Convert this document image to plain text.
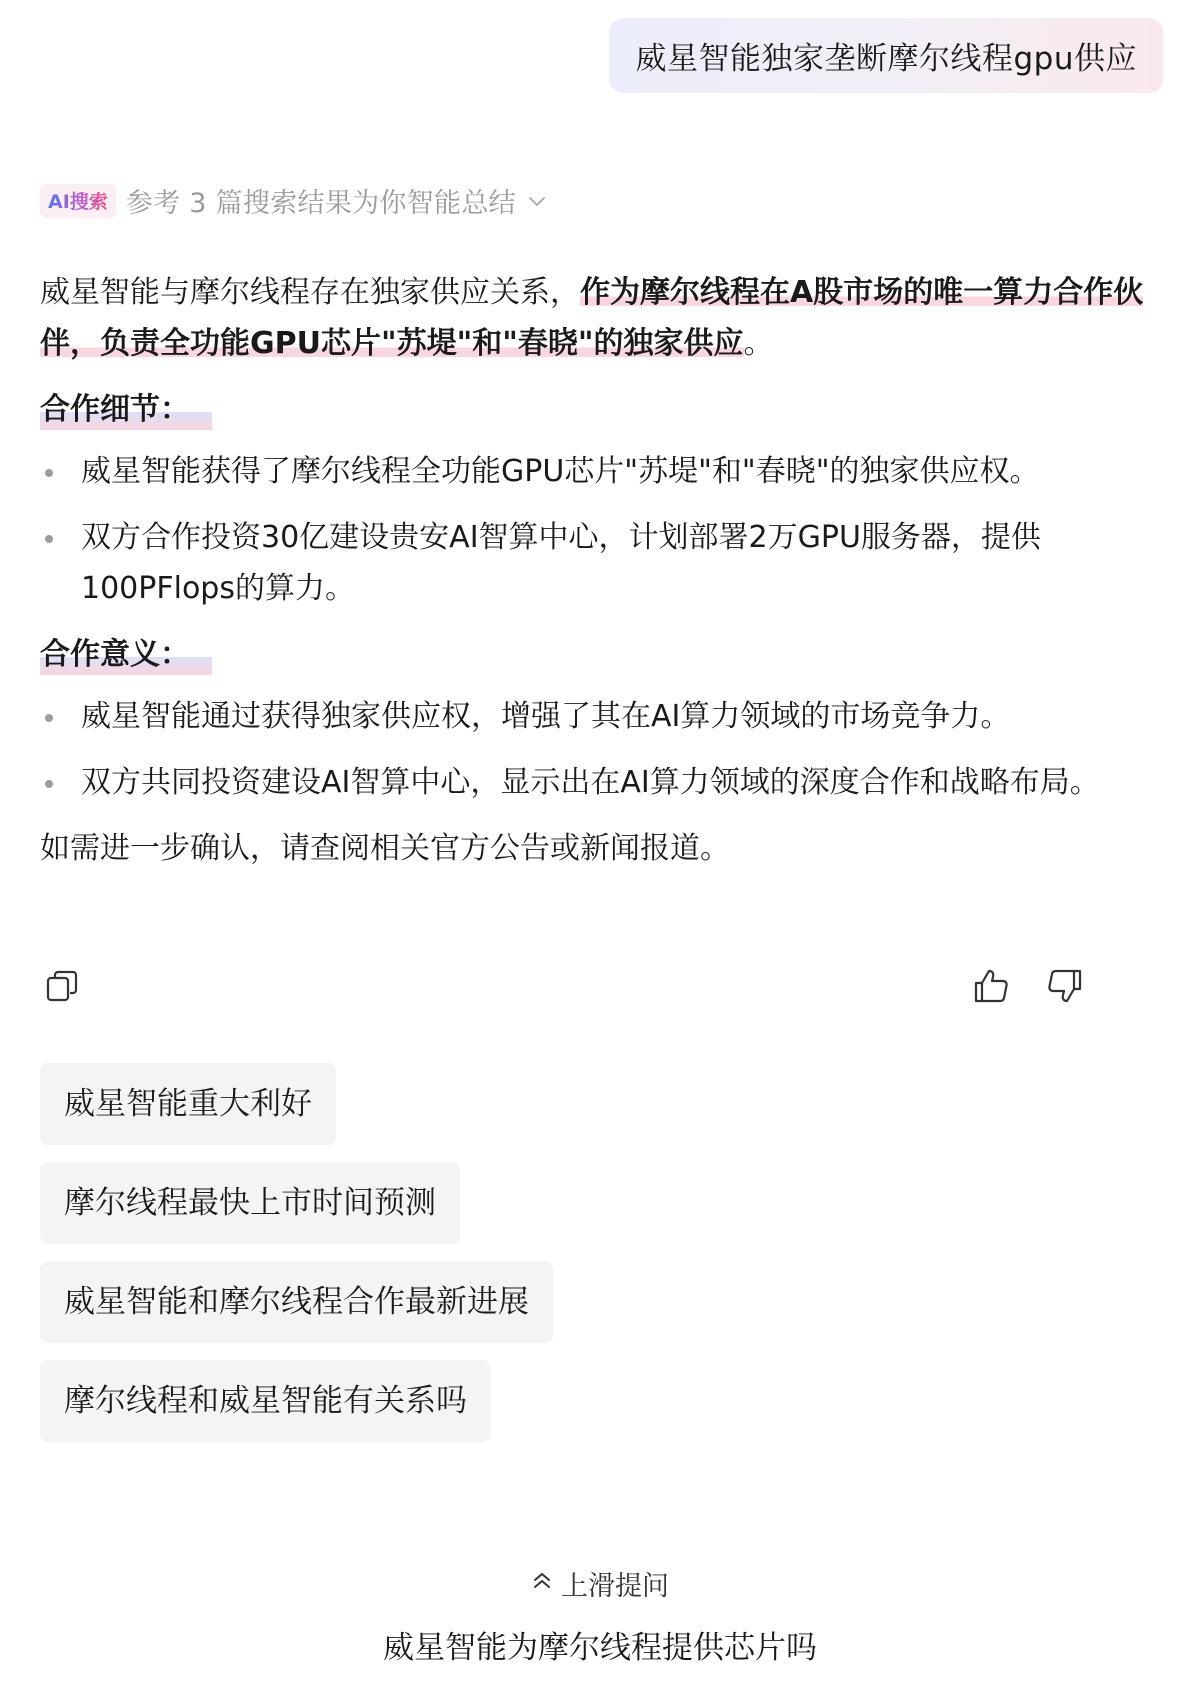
威星智能独家垄断摩尔线程gpu供应
AI搜索 参考 3 篇搜索结果为你智能总结

威星智能与摩尔线程存在独家供应关系，作为摩尔线程在A股市场的唯一算力合作伙伴，负责全功能GPU芯片"苏堤"和"春晓"的独家供应。

合作细节：
威星智能获得了摩尔线程全功能GPU芯片"苏堤"和"春晓"的独家供应权。
双方合作投资30亿建设贵安AI智算中心，计划部署2万GPU服务器，提供100PFlops的算力。
合作意义：
威星智能通过获得独家供应权，增强了其在AI算力领域的市场竞争力。
双方共同投资建设AI智算中心，显示出在AI算力领域的深度合作和战略布局。

如需进一步确认，请查阅相关官方公告或新闻报道。

威星智能重大利好
摩尔线程最快上市时间预测
威星智能和摩尔线程合作最新进展
摩尔线程和威星智能有关系吗
上滑提问
威星智能为摩尔线程提供芯片吗
